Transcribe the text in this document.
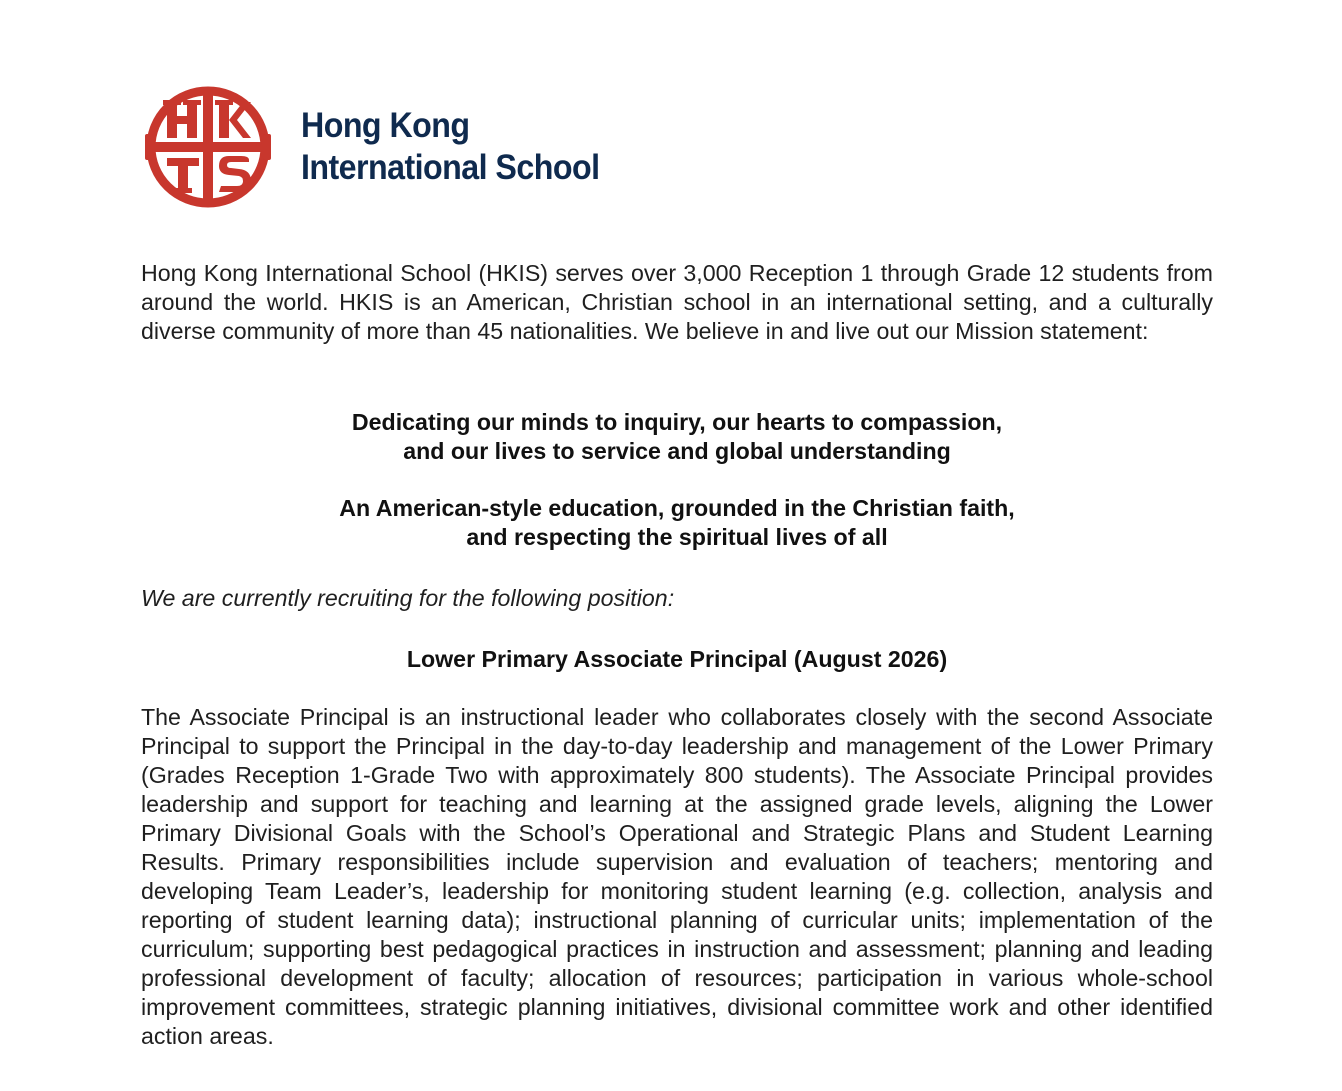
Hong Kong
International School

Hong Kong International School (HKIS) serves over 3,000 Reception 1 through Grade 12 students from around the world. HKIS is an American, Christian school in an international setting, and a culturally diverse community of more than 45 nationalities. We believe in and live out our Mission statement:

Dedicating our minds to inquiry, our hearts to compassion,
and our lives to service and global understanding
An American-style education, grounded in the Christian faith,
and respecting the spiritual lives of all
We are currently recruiting for the following position:
Lower Primary Associate Principal (August 2026)

The Associate Principal is an instructional leader who collaborates closely with the second Associate Principal to support the Principal in the day-to-day leadership and management of the Lower Primary (Grades Reception 1-Grade Two with approximately 800 students). The Associate Principal provides leadership and support for teaching and learning at the assigned grade levels, aligning the Lower Primary Divisional Goals with the School’s Operational and Strategic Plans and Student Learning Results. Primary responsibilities include supervision and evaluation of teachers; mentoring and developing Team Leader’s, leadership for monitoring student learning (e.g. collection, analysis and reporting of student learning data); instructional planning of curricular units; implementation of the curriculum; supporting best pedagogical practices in instruction and assessment; planning and leading professional development of faculty; allocation of resources; participation in various whole-school improvement committees, strategic planning initiatives, divisional committee work and other identified action areas.
